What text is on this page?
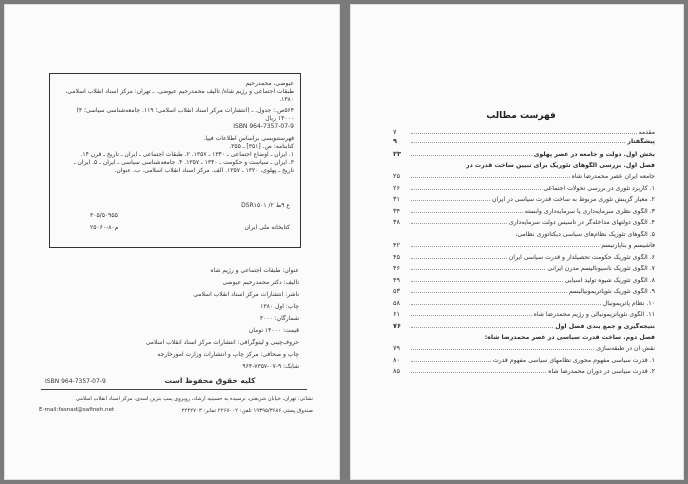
عیوضی، محمدرحیم
طبقات اجتماعی و رژیم شاه/ تألیف محمدرحیم عیوضی. ـ تهران: مرکز اسناد انقلاب اسلامی،
۱۳۸۰.
۵۶۴ص.: جدول. ـ (انتشارات مرکز اسناد انقلاب اسلامی؛ ۱۱۹. جامعه‌شناسی سیاسی؛ ۴)
۱۴۰۰۰ ریال
ISBN 964-7357-07-9
فهرستنویسی براساس اطلاعات فیپا.
کتابنامه: ص. [۳۵۱] ـ ۳۵۵.
۱. ایران ـ اوضاع اجتماعی ـ ۱۳۴۰ ـ ۱۳۵۷. ۲. طبقات اجتماعی ـ ایران ـ تاریخ ـ قرن ۱۴.
۳. ایران ـ سیاست و حکومت ـ ۱۳۴۰ ـ ۱۳۵۷. ۴. جامعه‌شناسی سیاسی ـ ایران ـ ۵. ایران ـ
تاریخ ـ پهلوی، ۱۳۲۰ ـ ۱۳۵۷. الف. مرکز اسناد انقلاب اسلامی. ب. عنوان.
DSR۱۵۰۱ /ع ۹ط ۲
۳۰۵/۵۰۹۵۵
کتابخانه ملی ایران
م۸۰-۲۵۰۶۰
عنوان: طبقات اجتماعی و رژیم شاه
تألیف: دکتر محمدرحیم عیوضی
ناشر: انتشارات مرکز اسناد انقلاب اسلامی
چاپ: اول ۱۳۸۰
شمارگان: ۳۰۰۰
قیمت: ۱۴۰۰۰ تومان
حروف‌چینی و لیتوگرافی: انتشارات مرکز اسناد انقلاب اسلامی
چاپ و صحافی: مرکز چاپ و انتشارات وزارت امورخارجه
شابک: ۹-۰۷-۷۳۵۷-۹۶۴
ISBN 964-7357-07-9	کلیه حقوق محفوظ است
نشانی: تهران، خیابان شریعتی، نرسیده به حسینیه ارشاد، روبروی پمپ بنزین اسدی، مرکز اسناد انقلاب اسلامی
صندوق پستی ۱۹۳۹۵/۳۶۸۶ تلفن: ۲۲۶۷۰۰۲ تمابر: ۲۲۴۲۷۰۳
E-mail:fasnad@safineh.net
فهرست مطالب
مقدمه
۷
پیشگفتار
۹
بخش اول. دولت و جامعه در عصر پهلوی
۲۳
فصل اول. بررسی الگوهای تئوریک برای تبیین ساخت قدرت در
جامعه ایران عصر محمدرضا شاه
۲۵
۱. کاربرد تئوری در بررسی تحولات اجتماعی
۲۶
۲. معیار گزینش تئوری مربوط به ساخت قدرت سیاسی در ایران
۳۱
۳. الگوی نظری سرمایه‌داری پا سرمایه‌داری وابسته
۳۴
۴. الگوی دولتهای مداخله‌گر در تأسیس دولت سرمایه‌داری
۳۸
۵. الگوهای تئوریک نظام‌های سیاسی دیکتاتوری نظامی،
فاشیسم و بناپارتیسم
۴۲
۶. الگوی تئوریک حکومت تحصیلدار و قدرت سیاسی ایران
۴۵
۷. الگوی تئوریک ناسیونالیسم مدرن ایرانی
۴۶
۸. الگوی تئوریک شیوه تولید آسیایی
۴۹
۹. الگوی تئوریک نئوپاتریمونیالیسم
۵۳
۱۰. نظام پاتریمونیال
۵۸
۱۱. الگوی نئوپاتریمونیالی و رژیم محمدرضا شاه
۶۱
نتیجه‌گیری و جمع بندی فصل اول
۷۶
فصل دوم. ساخت قدرت سیاسی در عصر محمدرضا شاه:
نقش آن در طبقه‌سازی
۷۹
۱. قدرت سیاسی مفهوم محوری نظامهای سیاسی مفهوم قدرت
۸۰
۲. قدرت سیاسی در دوران محمدرضا شاه
۸۵
